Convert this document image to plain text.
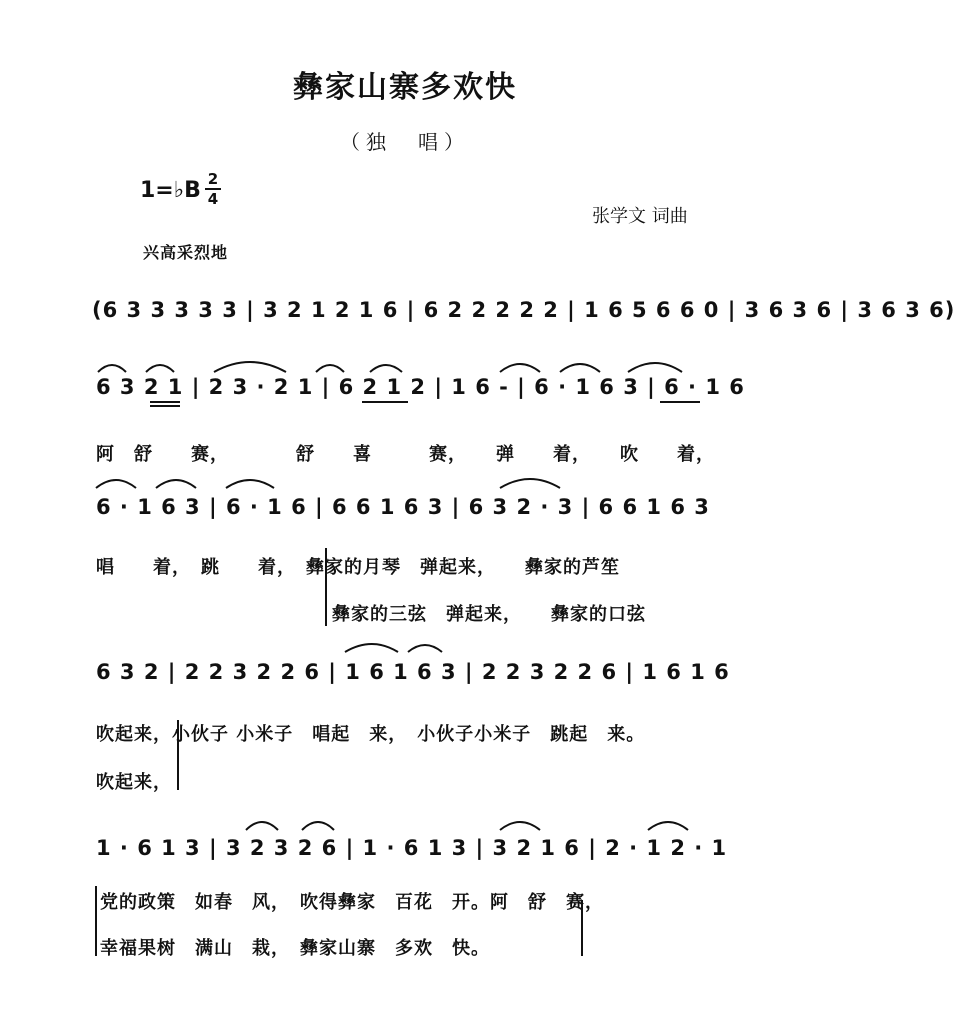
彝家山寨多欢快
（独　唱）
1=♭B 2
4
张学文 词曲
兴高采烈地
(6 3 3 3 3 3 | 3 2 1 2 1 6 | 6 2 2 2 2 2 | 1 6 5 6 6 0 | 3 6 3 6 | 3 6 3 6)
6 3 2 1 | 2 3 · 2 1 | 6 2 1 2 | 1 6 - | 6 · 1 6 3 | 6 · 1 6
阿　舒　　赛，　　　　舒　　喜　　　赛，　　弹　　着，　　吹　　着，
6 · 1 6 3 | 6 · 1 6 | 6 6 1 6 3 | 6 3 2 · 3 | 6 6 1 6 3
唱　　着，　跳　　着，　彝家的月琴　弹起来，　　彝家的芦笙
彝家的三弦　弹起来，　　彝家的口弦
6 3 2 | 2 2 3 2 2 6 | 1 6 1 6 3 | 2 2 3 2 2 6 | 1 6 1 6
吹起来，小伙子 小米子　唱起　来，　小伙子小米子　跳起　来。
吹起来，
1 · 6 1 3 | 3 2 3 2 6 | 1 · 6 1 3 | 3 2 1 6 | 2 · 1 2 · 1
党的政策　如春　风，　吹得彝家　百花　开。阿　舒　赛，
幸福果树　满山　栽，　彝家山寨　多欢　快。
